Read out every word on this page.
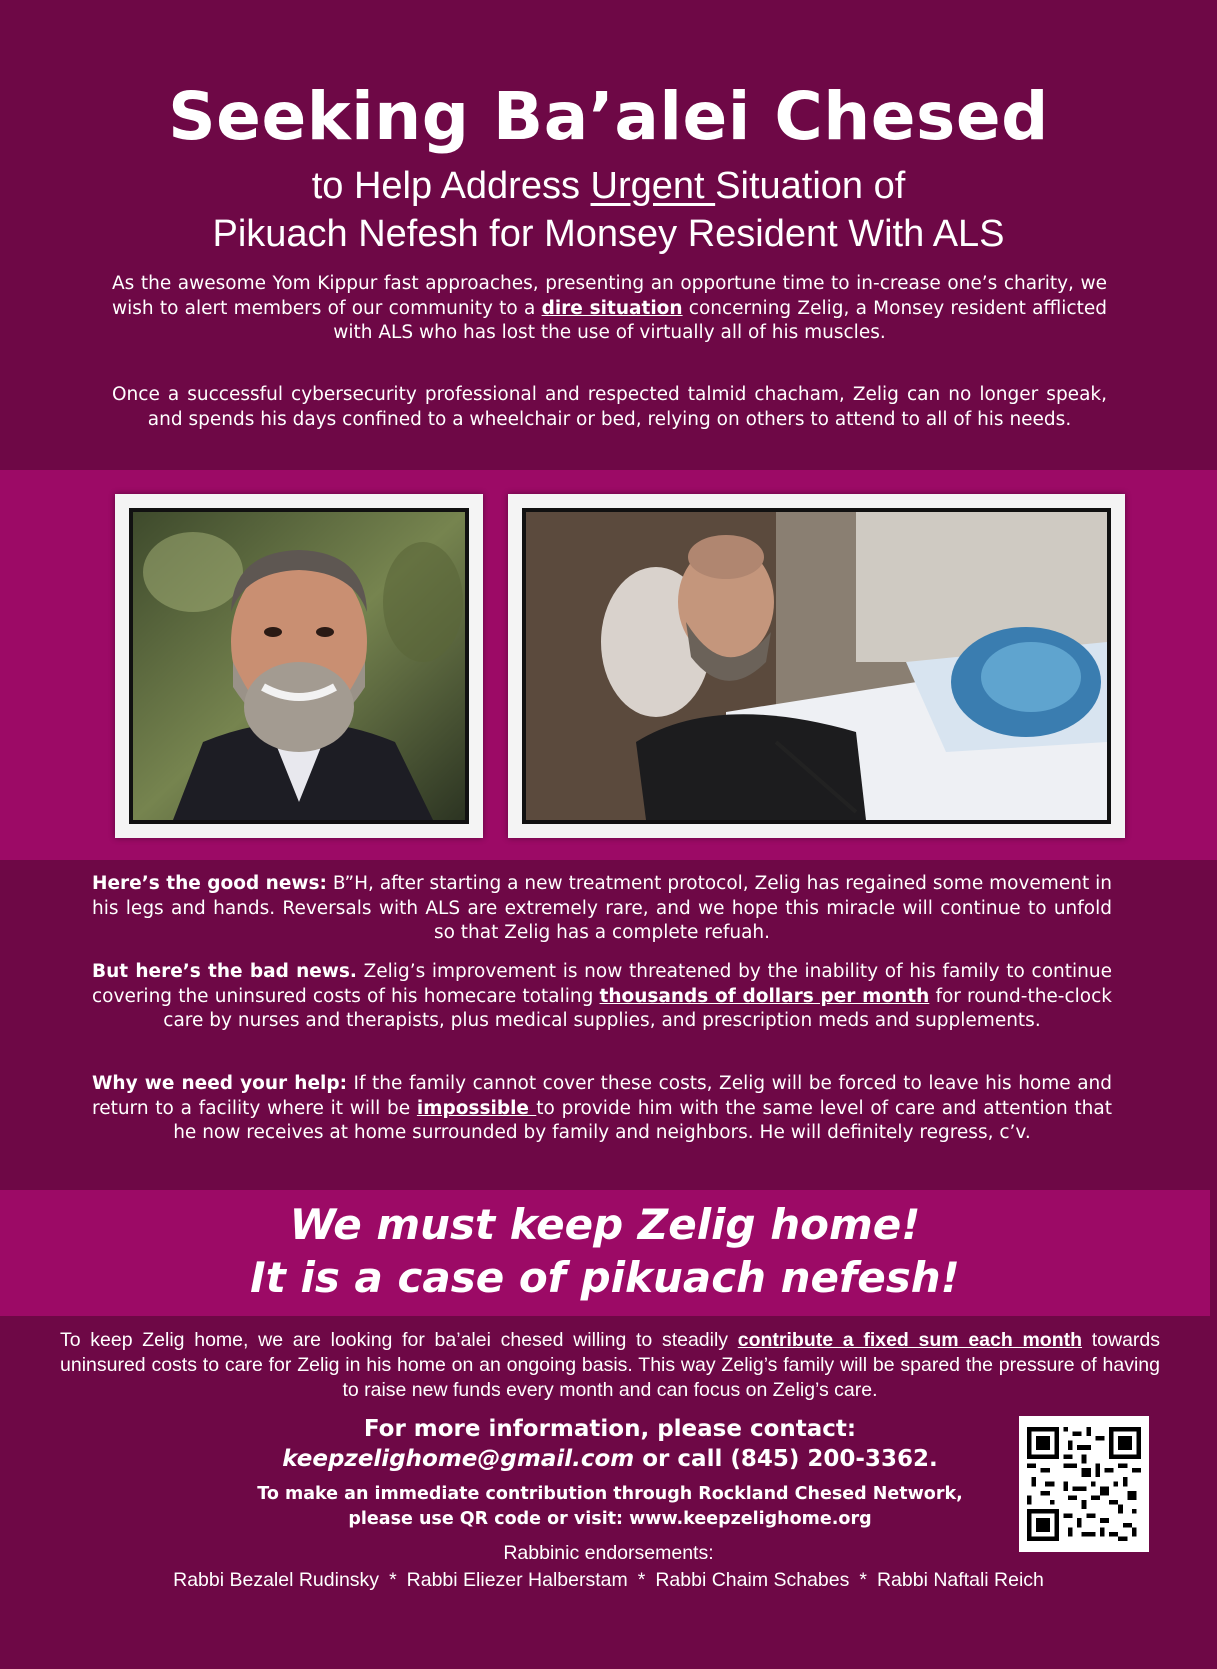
Seeking Ba’alei Chesed
to Help Address Urgent Situation of
Pikuach Nefesh for Monsey Resident With ALS
As the awesome Yom Kippur fast approaches, presenting an opportune time to in-crease one’s charity, we wish to alert members of our community to a dire situation concerning Zelig, a Monsey resident afflicted with ALS who has lost the use of virtually all of his muscles.
Once a successful cybersecurity professional and respected talmid chacham, Zelig can no longer speak, and spends his days confined to a wheelchair or bed, relying on others to attend to all of his needs.
Here’s the good news: B”H, after starting a new treatment protocol, Zelig has regained some movement in his legs and hands. Reversals with ALS are extremely rare, and we hope this miracle will continue to unfold so that Zelig has a complete refuah.
But here’s the bad news. Zelig’s improvement is now threatened by the inability of his family to continue covering the uninsured costs of his homecare totaling thousands of dollars per month for round-the-clock care by nurses and therapists, plus medical supplies, and prescription meds and supplements.
Why we need your help: If the family cannot cover these costs, Zelig will be forced to leave his home and return to a facility where it will be impossible to provide him with the same level of care and attention that he now receives at home surrounded by family and neighbors. He will definitely regress, c’v.
We must keep Zelig home!
It is a case of pikuach nefesh!
To keep Zelig home, we are looking for ba’alei chesed willing to steadily contribute a fixed sum each month towards uninsured costs to care for Zelig in his home on an ongoing basis. This way Zelig’s family will be spared the pressure of having to raise new funds every month and can focus on Zelig’s care.
For more information, please contact:
keepzelighome@gmail.com or call (845) 200-3362.
To make an immediate contribution through Rockland Chesed Network,
please use QR code or visit: www.keepzelighome.org
Rabbinic endorsements:
Rabbi Bezalel Rudinsky * Rabbi Eliezer Halberstam * Rabbi Chaim Schabes * Rabbi Naftali Reich
